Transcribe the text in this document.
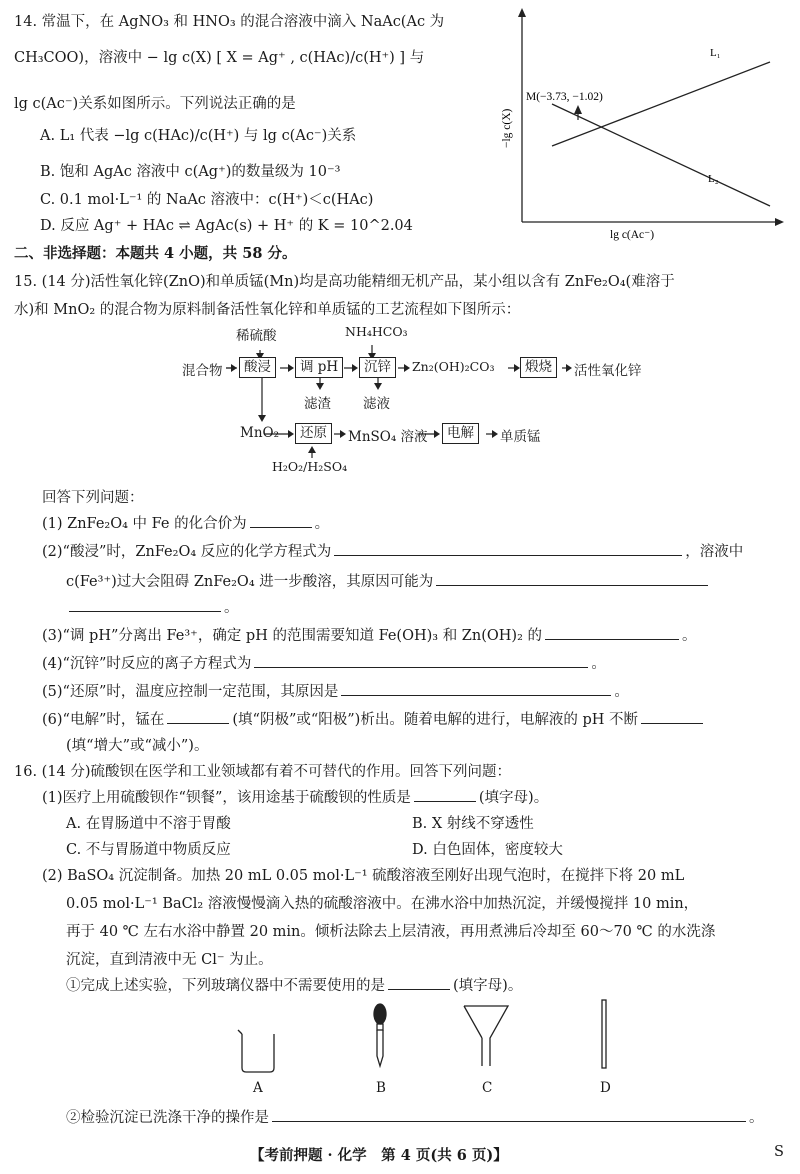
14. 常温下，在 AgNO₃ 和 HNO₃ 的混合溶液中滴入 NaAc(Ac 为
CH₃COO)，溶液中 − lg c(X) [ X = Ag⁺ , c(HAc)/c(H⁺) ] 与
lg c(Ac⁻)关系如图所示。下列说法正确的是
A. L₁ 代表 −lg c(HAc)/c(H⁺) 与 lg c(Ac⁻)关系
B. 饱和 AgAc 溶液中 c(Ag⁺)的数量级为 10⁻³
C. 0.1 mol·L⁻¹ 的 NaAc 溶液中：c(H⁺)＜c(HAc)
D. 反应 Ag⁺ + HAc ⇌ AgAc(s) + H⁺ 的 K = 10^2.04
L₁
L₂
M(−3.73, −1.02)
lg c(Ac⁻)
−lg c(X)
二、非选择题：本题共 4 小题，共 58 分。
15. (14 分)活性氧化锌(ZnO)和单质锰(Mn)均是高功能精细无机产品，某小组以含有 ZnFe₂O₄(难溶于
水)和 MnO₂ 的混合物为原料制备活性氧化锌和单质锰的工艺流程如下图所示：
稀硫酸	NH₄HCO₃
混合物	酸浸	调 pH	沉锌	Zn₂(OH)₂CO₃	煅烧	活性氧化锌
滤渣 滤液
MnO₂	还原	MnSO₄ 溶液	电解	单质锰
H₂O₂/H₂SO₄
回答下列问题：
(1) ZnFe₂O₄ 中 Fe 的化合价为	。
(2)“酸浸”时，ZnFe₂O₄ 反应的化学方程式为	，溶液中
c(Fe³⁺)过大会阻碍 ZnFe₂O₄ 进一步酸溶，其原因可能为
。
(3)“调 pH”分离出 Fe³⁺，确定 pH 的范围需要知道 Fe(OH)₃ 和 Zn(OH)₂ 的	。
(4)“沉锌”时反应的离子方程式为	。
(5)“还原”时，温度应控制一定范围，其原因是	。
(6)“电解”时，锰在	(填“阴极”或“阳极”)析出。随着电解的进行，电解液的 pH 不断
(填“增大”或“减小”)。
16. (14 分)硫酸钡在医学和工业领域都有着不可替代的作用。回答下列问题：
(1)医疗上用硫酸钡作“钡餐”，该用途基于硫酸钡的性质是	(填字母)。
A. 在胃肠道中不溶于胃酸	B. X 射线不穿透性
C. 不与胃肠道中物质反应	D. 白色固体，密度较大
(2) BaSO₄ 沉淀制备。加热 20 mL 0.05 mol·L⁻¹ 硫酸溶液至刚好出现气泡时，在搅拌下将 20 mL
0.05 mol·L⁻¹ BaCl₂ 溶液慢慢滴入热的硫酸溶液中。在沸水浴中加热沉淀，并缓慢搅拌 10 min，
再于 40 ℃ 左右水浴中静置 20 min。倾析法除去上层清液，再用煮沸后冷却至 60～70 ℃ 的水洗涤
沉淀，直到清液中无 Cl⁻ 为止。
①完成上述实验，下列玻璃仪器中不需要使用的是	(填字母)。
A	B	C	D
②检验沉淀已洗涤干净的操作是	。
【考前押题 · 化学　第 4 页(共 6 页)】	S
